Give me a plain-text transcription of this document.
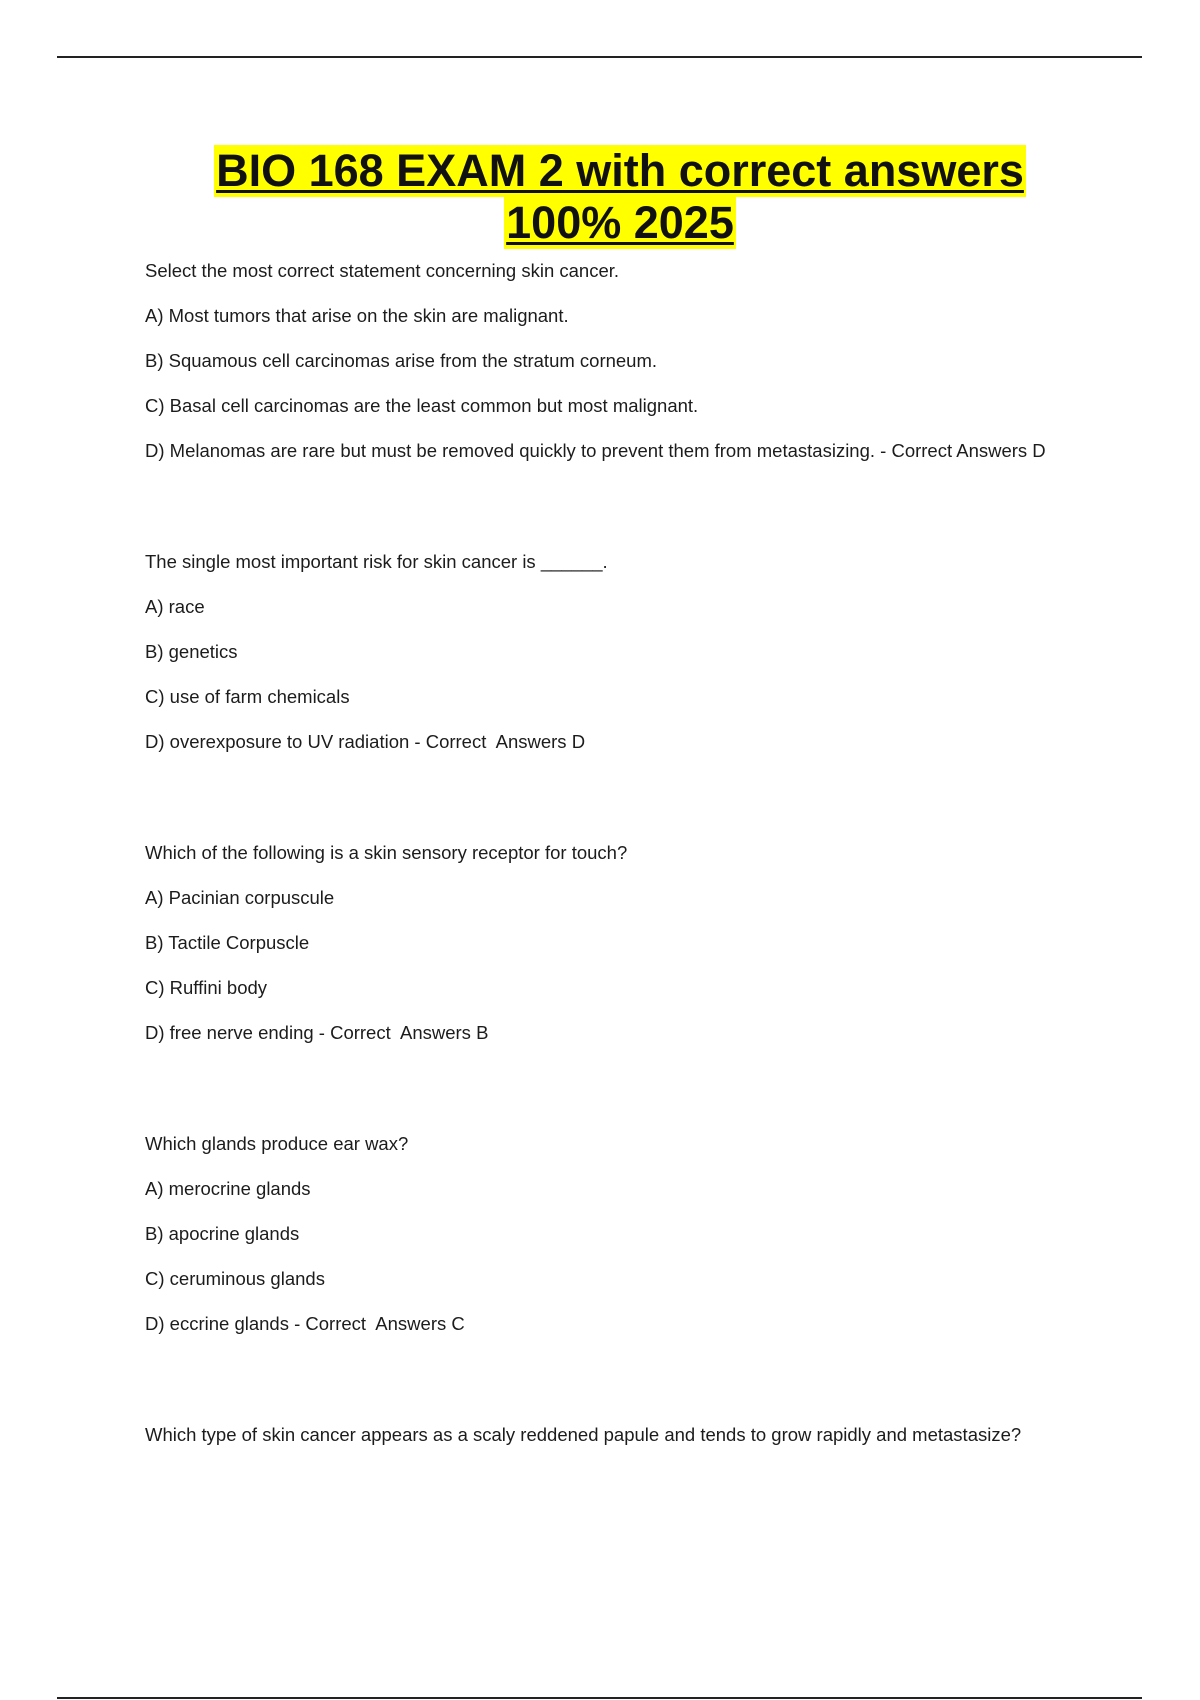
BIO 168 EXAM 2 with correct answers
100% 2025
Select the most correct statement concerning skin cancer.
A) Most tumors that arise on the skin are malignant.
B) Squamous cell carcinomas arise from the stratum corneum.
C) Basal cell carcinomas are the least common but most malignant.
D) Melanomas are rare but must be removed quickly to prevent them from metastasizing. - Correct Answers D
The single most important risk for skin cancer is ______.
A) race
B) genetics
C) use of farm chemicals
D) overexposure to UV radiation - Correct  Answers D
Which of the following is a skin sensory receptor for touch?
A) Pacinian corpuscule
B) Tactile Corpuscle
C) Ruffini body
D) free nerve ending - Correct  Answers B
Which glands produce ear wax?
A) merocrine glands
B) apocrine glands
C) ceruminous glands
D) eccrine glands - Correct  Answers C
Which type of skin cancer appears as a scaly reddened papule and tends to grow rapidly and metastasize?
